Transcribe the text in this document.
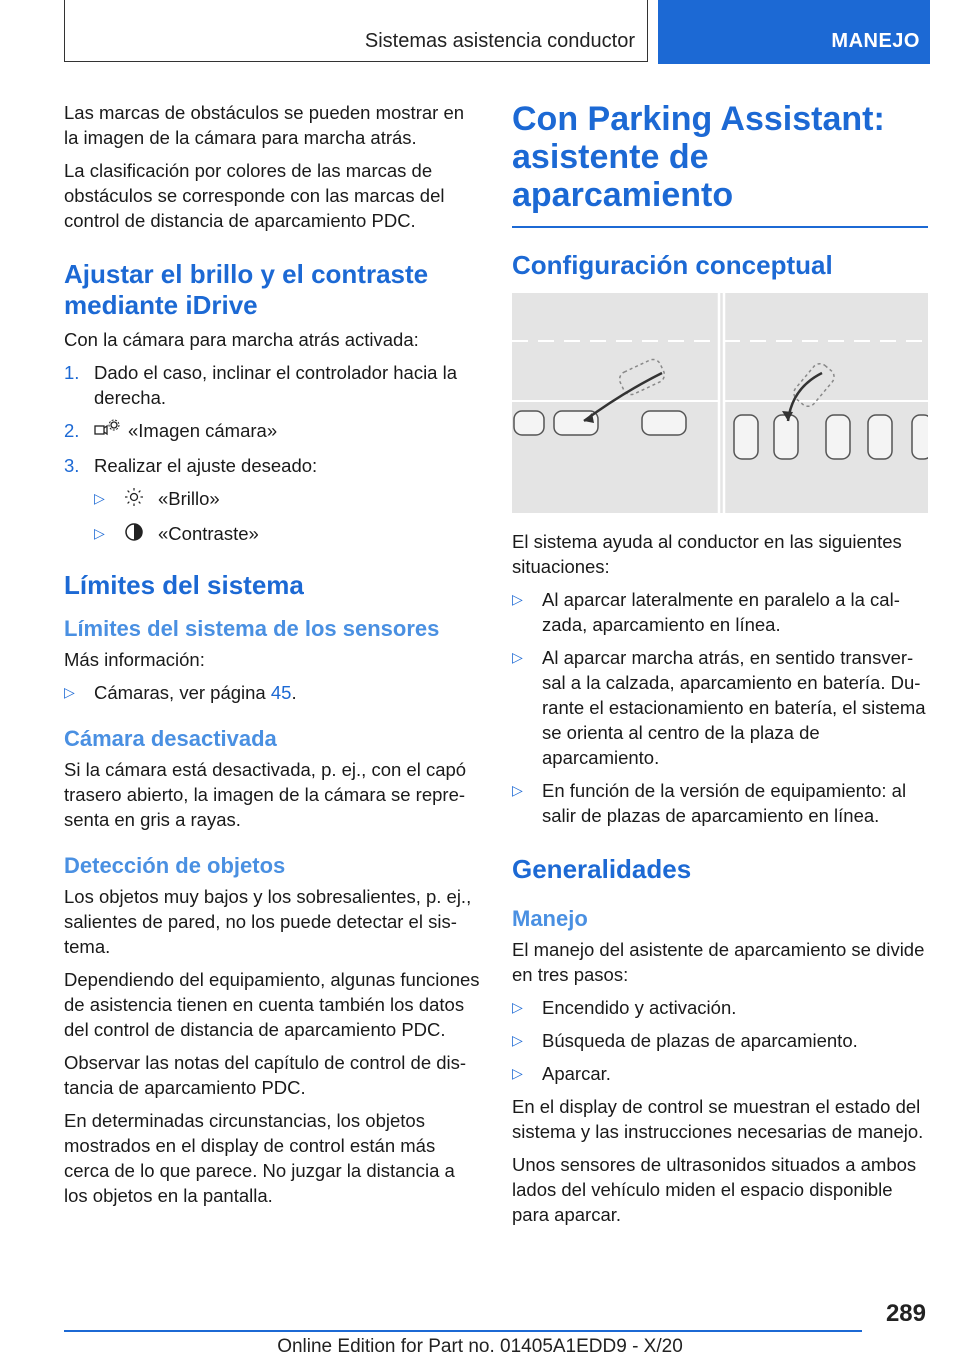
Sistemas asistencia conductor	MANEJO

Las marcas de obstáculos se pueden mostrar en la imagen de la cámara para marcha atrás.

La clasificación por colores de las marcas de obstáculos se corresponde con las marcas del control de distancia de aparcamiento PDC.

Ajustar el brillo y el contraste mediante iDrive

Con la cámara para marcha atrás activada:

1. Dado el caso, inclinar el controlador hacia la derecha.
2.	«Imagen cámara»
3. Realizar el ajuste deseado:
▷	«Brillo»
▷	«Contraste»
Límites del sistema
Límites del sistema de los sensores

Más información:

▷ Cámaras, ver página 45.
Cámara desactivada

Si la cámara está desactivada, p. ej., con el capó trasero abierto, la imagen de la cámara se representa en gris a rayas.

Detección de objetos

Los objetos muy bajos y los sobresalientes, p. ej., salientes de pared, no los puede detectar el sistema.

Dependiendo del equipamiento, algunas funciones de asistencia tienen en cuenta también los datos del control de distancia de aparcamiento PDC.

Observar las notas del capítulo de control de distancia de aparcamiento PDC.

En determinadas circunstancias, los objetos mostrados en el display de control están más cerca de lo que parece. No juzgar la distancia a los objetos en la pantalla.

Con Parking Assistant: asistente de aparcamiento
Configuración conceptual

El sistema ayuda al conductor en las siguientes situaciones:

▷ Al aparcar lateralmente en paralelo a la calzada, aparcamiento en línea.
▷ Al aparcar marcha atrás, en sentido transversal a la calzada, aparcamiento en batería. Durante el estacionamiento en batería, el sistema se orienta al centro de la plaza de aparcamiento.
▷ En función de la versión de equipamiento: al salir de plazas de aparcamiento en línea.
Generalidades
Manejo

El manejo del asistente de aparcamiento se divide en tres pasos:

▷ Encendido y activación.
▷ Búsqueda de plazas de aparcamiento.
▷ Aparcar.

En el display de control se muestran el estado del sistema y las instrucciones necesarias de manejo.

Unos sensores de ultrasonidos situados a ambos lados del vehículo miden el espacio disponible para aparcar.

289
Online Edition for Part no. 01405A1EDD9 - X/20
